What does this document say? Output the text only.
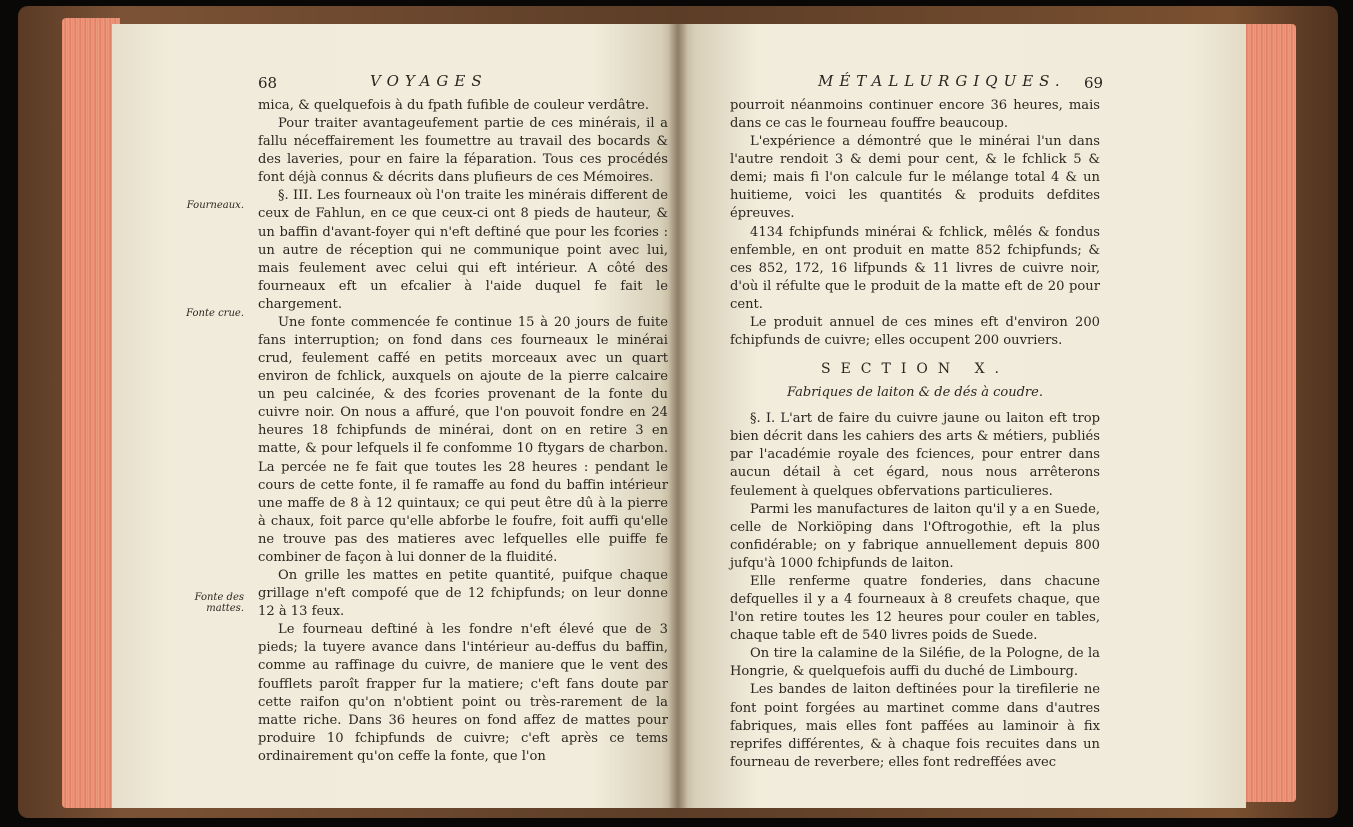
68	VOYAGES
Fourneaux.
Fonte crue.
Fonte des mattes.

mica, & quelquefois à du fpath fufible de couleur verdâtre.

Pour traiter avantageufement partie de ces minérais, il a fallu néceffairement les foumettre au travail des bocards & des laveries, pour en faire la féparation. Tous ces procédés font déjà connus & décrits dans plufieurs de ces Mémoires.

§. III. Les fourneaux où l'on traite les minérais different de ceux de Fahlun, en ce que ceux-ci ont 8 pieds de hauteur, & un baffin d'avant-foyer qui n'eft deftiné que pour les fcories : un autre de réception qui ne communique point avec lui, mais feulement avec celui qui eft intérieur. A côté des fourneaux eft un efcalier à l'aide duquel fe fait le chargement.

Une fonte commencée fe continue 15 à 20 jours de fuite fans interruption; on fond dans ces fourneaux le minérai crud, feulement caffé en petits morceaux avec un quart environ de fchlick, auxquels on ajoute de la pierre calcaire un peu calcinée, & des fcories provenant de la fonte du cuivre noir. On nous a affuré, que l'on pouvoit fondre en 24 heures 18 fchipfunds de minérai, dont on en retire 3 en matte, & pour lefquels il fe confomme 10 ftygars de charbon. La percée ne fe fait que toutes les 28 heures : pendant le cours de cette fonte, il fe ramaffe au fond du baffin intérieur une maffe de 8 à 12 quintaux; ce qui peut être dû à la pierre à chaux, foit parce qu'elle abforbe le foufre, foit auffi qu'elle ne trouve pas des matieres avec lefquelles elle puiffe fe combiner de façon à lui donner de la fluidité.

On grille les mattes en petite quantité, puifque chaque grillage n'eft compofé que de 12 fchipfunds; on leur donne 12 à 13 feux.

Le fourneau deftiné à les fondre n'eft élevé que de 3 pieds; la tuyere avance dans l'intérieur au-deffus du baffin, comme au raffinage du cuivre, de maniere que le vent des foufflets paroît frapper fur la matiere; c'eft fans doute par cette raifon qu'on n'obtient point ou très-rarement de la matte riche. Dans 36 heures on fond affez de mattes pour produire 10 fchipfunds de cuivre; c'eft après ce tems ordinairement qu'on ceffe la fonte, que l'on

MÉTALLURGIQUES. 69

pourroit néanmoins continuer encore 36 heures, mais dans ce cas le fourneau fouffre beaucoup.

L'expérience a démontré que le minérai l'un dans l'autre rendoit 3 & demi pour cent, & le fchlick 5 & demi; mais fi l'on calcule fur le mélange total 4 & un huitieme, voici les quantités & produits defdites épreuves.

4134 fchipfunds minérai & fchlick, mêlés & fondus enfemble, en ont produit en matte 852 fchipfunds; & ces 852, 172, 16 lifpunds & 11 livres de cuivre noir, d'où il réfulte que le produit de la matte eft de 20 pour cent.

Le produit annuel de ces mines eft d'environ 200 fchipfunds de cuivre; elles occupent 200 ouvriers.

SECTION X.
Fabriques de laiton & de dés à coudre.

§. I. L'art de faire du cuivre jaune ou laiton eft trop bien décrit dans les cahiers des arts & métiers, publiés par l'académie royale des fciences, pour entrer dans aucun détail à cet égard, nous nous arrêterons feulement à quelques obfervations particulieres.

Parmi les manufactures de laiton qu'il y a en Suede, celle de Norkiöping dans l'Oftrogothie, eft la plus confidérable; on y fabrique annuellement depuis 800 jufqu'à 1000 fchipfunds de laiton.

Elle renferme quatre fonderies, dans chacune defquelles il y a 4 fourneaux à 8 creufets chaque, que l'on retire toutes les 12 heures pour couler en tables, chaque table eft de 540 livres poids de Suede.

On tire la calamine de la Siléfie, de la Pologne, de la Hongrie, & quelquefois auffi du duché de Limbourg.

Les bandes de laiton deftinées pour la tirefilerie ne font point forgées au martinet comme dans d'autres fabriques, mais elles font paffées au laminoir à fix reprifes différentes, & à chaque fois recuites dans un fourneau de reverbere; elles font redreffées avec
